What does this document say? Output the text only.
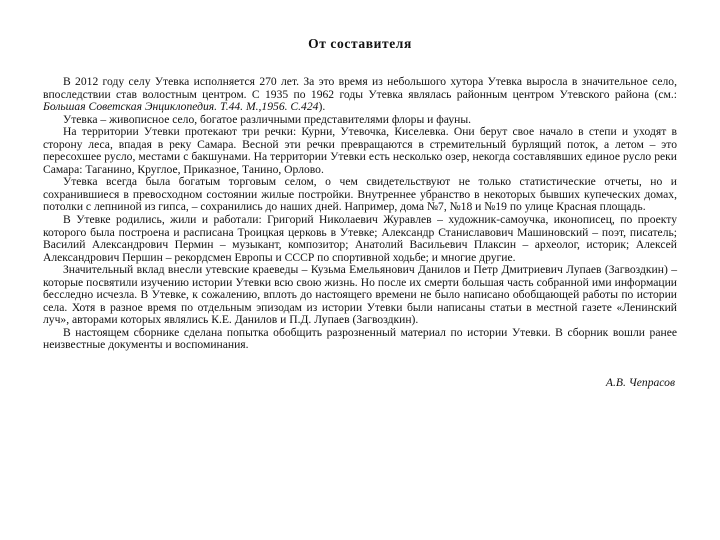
От составителя

В 2012 году селу Утевка исполняется 270 лет. За это время из небольшого хутора Утевка выросла в значительное село, впоследствии став волостным центром. С 1935 по 1962 годы Утевка являлась районным центром Утевского района (см.: Большая Советская Энциклопедия. Т.44. М.,1956. С.424).

Утевка – живописное село, богатое различными представителями флоры и фауны.

На территории Утевки протекают три речки: Курни, Утевочка, Киселевка. Они берут свое начало в степи и уходят в сторону леса, впадая в реку Самара. Весной эти речки превращаются в стремительный бурлящий поток, а летом – это пересохшее русло, местами с бакшунами. На территории Утевки есть несколько озер, некогда составлявших единое русло реки Самара: Таганино, Круглое, Приказное, Танино, Орлово.

Утевка всегда была богатым торговым селом, о чем свидетельствуют не только статистические отчеты, но и сохранившиеся в превосходном состоянии жилые постройки. Внутреннее убранство в некоторых бывших купеческих домах, потолки с лепниной из гипса, – сохранились до наших дней. Например, дома №7, №18 и №19 по улице Красная площадь.

В Утевке родились, жили и работали: Григорий Николаевич Журавлев – художник-самоучка, иконописец, по проекту которого была построена и расписана Троицкая церковь в Утевке; Александр Станиславович Машиновский – поэт, писатель; Василий Александрович Пермин – музыкант, композитор; Анатолий Васильевич Плаксин – археолог, историк; Алексей Александрович Першин – рекордсмен Европы и СССР по спортивной ходьбе; и многие другие.

Значительный вклад внесли утевские краеведы – Кузьма Емельянович Данилов и Петр Дмитриевич Лупаев (Загвоздкин) – которые посвятили изучению истории Утевки всю свою жизнь. Но после их смерти большая часть собранной ими информации бесследно исчезла. В Утевке, к сожалению, вплоть до настоящего времени не было написано обобщающей работы по истории села. Хотя в разное время по отдельным эпизодам из истории Утевки были написаны статьи в местной газете «Ленинский луч», авторами которых являлись К.Е. Данилов и П.Д. Лупаев (Загвоздкин).

В настоящем сборнике сделана попытка обобщить разрозненный материал по истории Утевки. В сборник вошли ранее неизвестные документы и воспоминания.

А.В. Чепрасов
